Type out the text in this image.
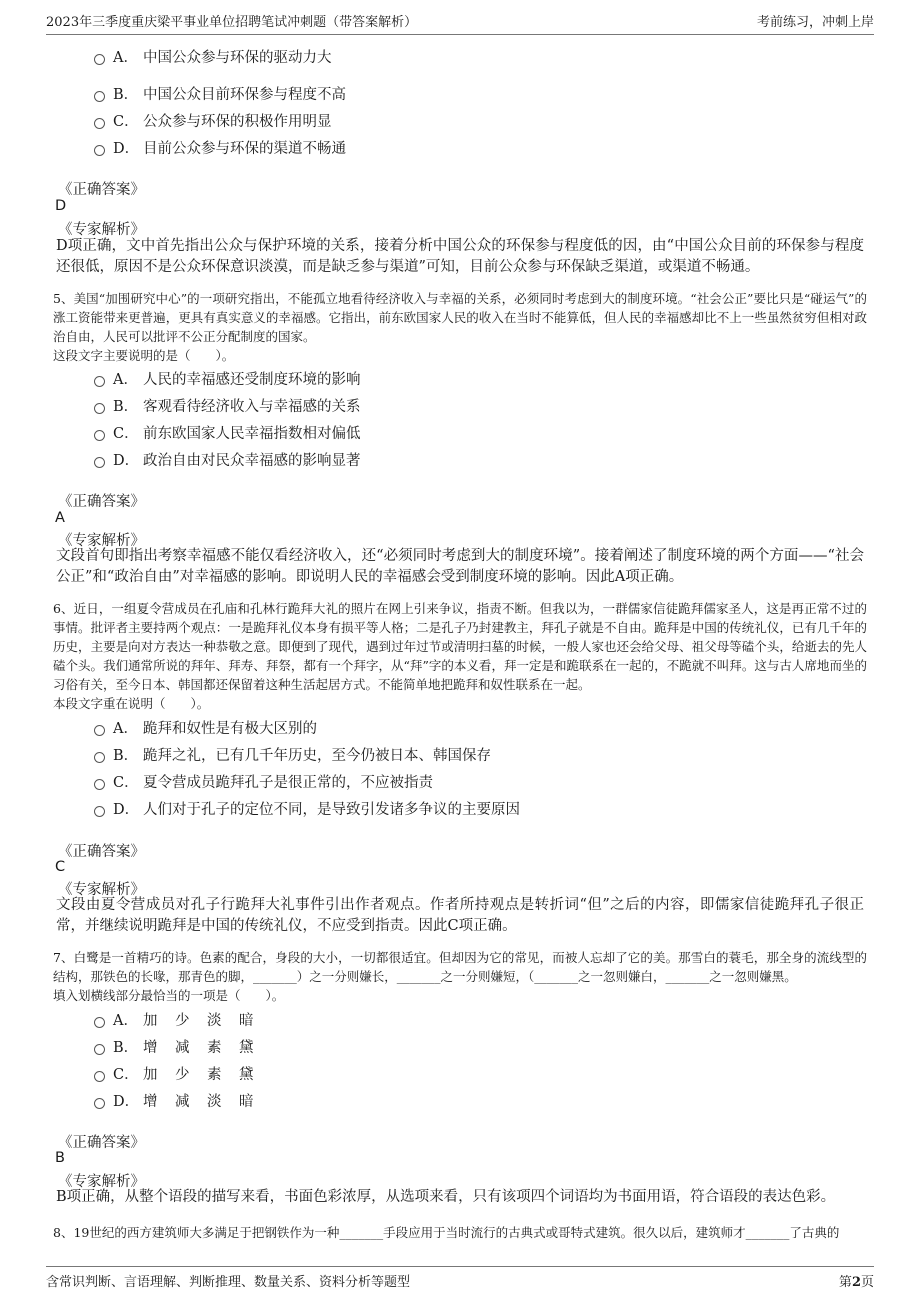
2023年三季度重庆梁平事业单位招聘笔试冲刺题（带答案解析）	考前练习，冲刺上岸
A． 中国公众参与环保的驱动力大
B． 中国公众目前环保参与程度不高
C． 公众参与环保的积极作用明显
D． 目前公众参与环保的渠道不畅通
《正确答案》
D
《专家解析》
D项正确，文中首先指出公众与保护环境的关系，接着分析中国公众的环保参与程度低的因，由“中国公众目前的环保参与程度还很低，原因不是公众环保意识淡漠，而是缺乏参与渠道”可知，目前公众参与环保缺乏渠道，或渠道不畅通。
5、美国“加围研究中心”的一项研究指出，不能孤立地看待经济收入与幸福的关系，必须同时考虑到大的制度环境。“社会公正”要比只是“碰运气”的涨工资能带来更普遍，更具有真实意义的幸福感。它指出，前东欧国家人民的收入在当时不能算低，但人民的幸福感却比不上一些虽然贫穷但相对政治自由，人民可以批评不公正分配制度的国家。
这段文字主要说明的是（　　）。
A． 人民的幸福感还受制度环境的影响
B． 客观看待经济收入与幸福感的关系
C． 前东欧国家人民幸福指数相对偏低
D． 政治自由对民众幸福感的影响显著
《正确答案》
A
《专家解析》
文段首句即指出考察幸福感不能仅看经济收入，还“必须同时考虑到大的制度环境”。接着阐述了制度环境的两个方面——“社会公正”和“政治自由”对幸福感的影响。即说明人民的幸福感会受到制度环境的影响。因此A项正确。
6、近日，一组夏令营成员在孔庙和孔林行跪拜大礼的照片在网上引来争议，指责不断。但我以为，一群儒家信徒跪拜儒家圣人，这是再正常不过的事情。批评者主要持两个观点：一是跪拜礼仪本身有损平等人格；二是孔子乃封建教主，拜孔子就是不自由。跪拜是中国的传统礼仪，已有几千年的历史，主要是向对方表达一种恭敬之意。即便到了现代，遇到过年过节或清明扫墓的时候，一般人家也还会给父母、祖父母等磕个头，给逝去的先人磕个头。我们通常所说的拜年、拜寿、拜祭，都有一个拜字，从“拜”字的本义看，拜一定是和跪联系在一起的，不跪就不叫拜。这与古人席地而坐的习俗有关，至今日本、韩国都还保留着这种生活起居方式。不能简单地把跪拜和奴性联系在一起。
本段文字重在说明（　　）。
A． 跪拜和奴性是有极大区别的
B． 跪拜之礼，已有几千年历史，至今仍被日本、韩国保存
C． 夏令营成员跪拜孔子是很正常的，不应被指责
D． 人们对于孔子的定位不同，是导致引发诸多争议的主要原因
《正确答案》
C
《专家解析》
文段由夏令营成员对孔子行跪拜大礼事件引出作者观点。作者所持观点是转折词“但”之后的内容，即儒家信徒跪拜孔子很正常，并继续说明跪拜是中国的传统礼仪，不应受到指责。因此C项正确。
7、白鹭是一首精巧的诗。色素的配合，身段的大小，一切都很适宜。但却因为它的常见，而被人忘却了它的美。那雪白的蓑毛，那全身的流线型的结构，那铁色的长喙，那青色的脚，_______）之一分则嫌长，_______之一分则嫌短，（_______之一忽则嫌白，_______之一忽则嫌黑。
填入划横线部分最恰当的一项是（　　）。
A． 加	少	淡	暗
B． 增	减	素	黛
C． 加	少	素	黛
D． 增	减	淡	暗
《正确答案》
B
《专家解析》
B项正确，从整个语段的描写来看，书面色彩浓厚，从选项来看，只有该项四个词语均为书面用语，符合语段的表达色彩。
8、19世纪的西方建筑师大多满足于把钢铁作为一种_______手段应用于当时流行的古典式或哥特式建筑。很久以后，建筑师才_______了古典的
含常识判断、言语理解、判断推理、数量关系、资料分析等题型	第2页
